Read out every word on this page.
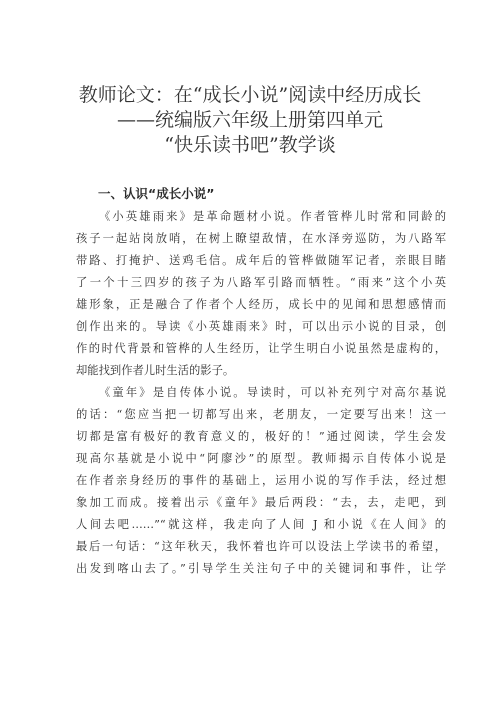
教师论文：在“成长小说”阅读中经历成长
——统编版六年级上册第四单元
“快乐读书吧”教学谈
一、认识“成长小说”
《小英雄雨来》是革命题材小说。作者管桦儿时常和同龄的
孩子一起站岗放哨，在树上瞭望敌情，在水泽旁巡防，为八路军
带路、打掩护、送鸡毛信。成年后的管桦做随军记者，亲眼目睹
了一个十三四岁的孩子为八路军引路而牺牲。“雨来”这个小英
雄形象，正是融合了作者个人经历，成长中的见闻和思想感情而
创作出来的。导读《小英雄雨来》时，可以出示小说的目录，创
作的时代背景和管桦的人生经历，让学生明白小说虽然是虚构的，
却能找到作者儿时生活的影子。
《童年》是自传体小说。导读时，可以补充列宁对高尔基说
的话：“您应当把一切都写出来，老朋友，一定要写出来！这一
切都是富有极好的教育意义的，极好的！”通过阅读，学生会发
现高尔基就是小说中“阿廖沙”的原型。教师揭示自传体小说是
在作者亲身经历的事件的基础上，运用小说的写作手法，经过想
象加工而成。接着出示《童年》最后两段：“去，去，走吧，到
人间去吧……”“就这样，我走向了人间 J 和小说《在人间》的
最后一句话：“这年秋天，我怀着也许可以设法上学读书的希望，
出发到喀山去了。”引导学生关注句子中的关键词和事件，让学
